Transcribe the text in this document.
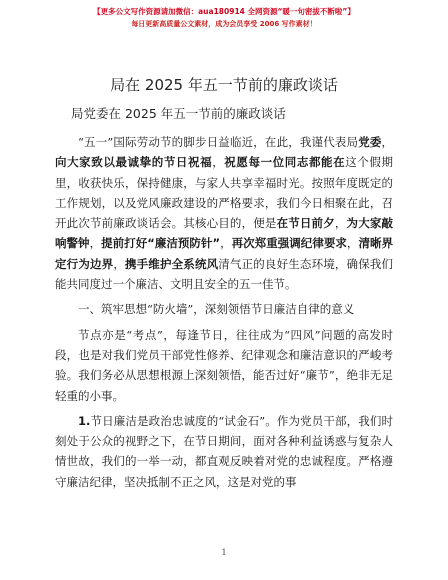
【更多公文写作资源请加微信：aua180914 全网资源“暖一句密拔不断啦”】
每日更新高质量公文素材，成为会员享受 2006 写作素材！
局在 2025 年五一节前的廉政谈话
局党委在 2025 年五一节前的廉政谈话

“五一”国际劳动节的脚步日益临近，在此，我谨代表局党委，向大家致以最诚挚的节日祝福，祝愿每一位同志都能在这个假期里，收获快乐，保持健康，与家人共享幸福时光。按照年度既定的工作规划，以及党风廉政建设的严格要求，我们今日相聚在此，召开此次节前廉政谈话会。其核心目的，便是在节日前夕，为大家敲响警钟，提前打好“廉洁预防针”，再次郑重强调纪律要求，清晰界定行为边界，携手维护全系统风清气正的良好生态环境，确保我们能共同度过一个廉洁、文明且安全的五一佳节。

一、筑牢思想“防火墙”，深刻领悟节日廉洁自律的意义

节点亦是“考点”，每逢节日，往往成为“四风”问题的高发时段，也是对我们党员干部党性修养、纪律观念和廉洁意识的严峻考验。我们务必从思想根源上深刻领悟，能否过好“廉节”，绝非无足轻重的小事。

1.节日廉洁是政治忠诚度的“试金石”。作为党员干部，我们时刻处于公众的视野之下，在节日期间，面对各种利益诱惑与复杂人情世故，我们的一举一动，都直观反映着对党的忠诚程度。严格遵守廉洁纪律，坚决抵制不正之风，这是对党的事

1
